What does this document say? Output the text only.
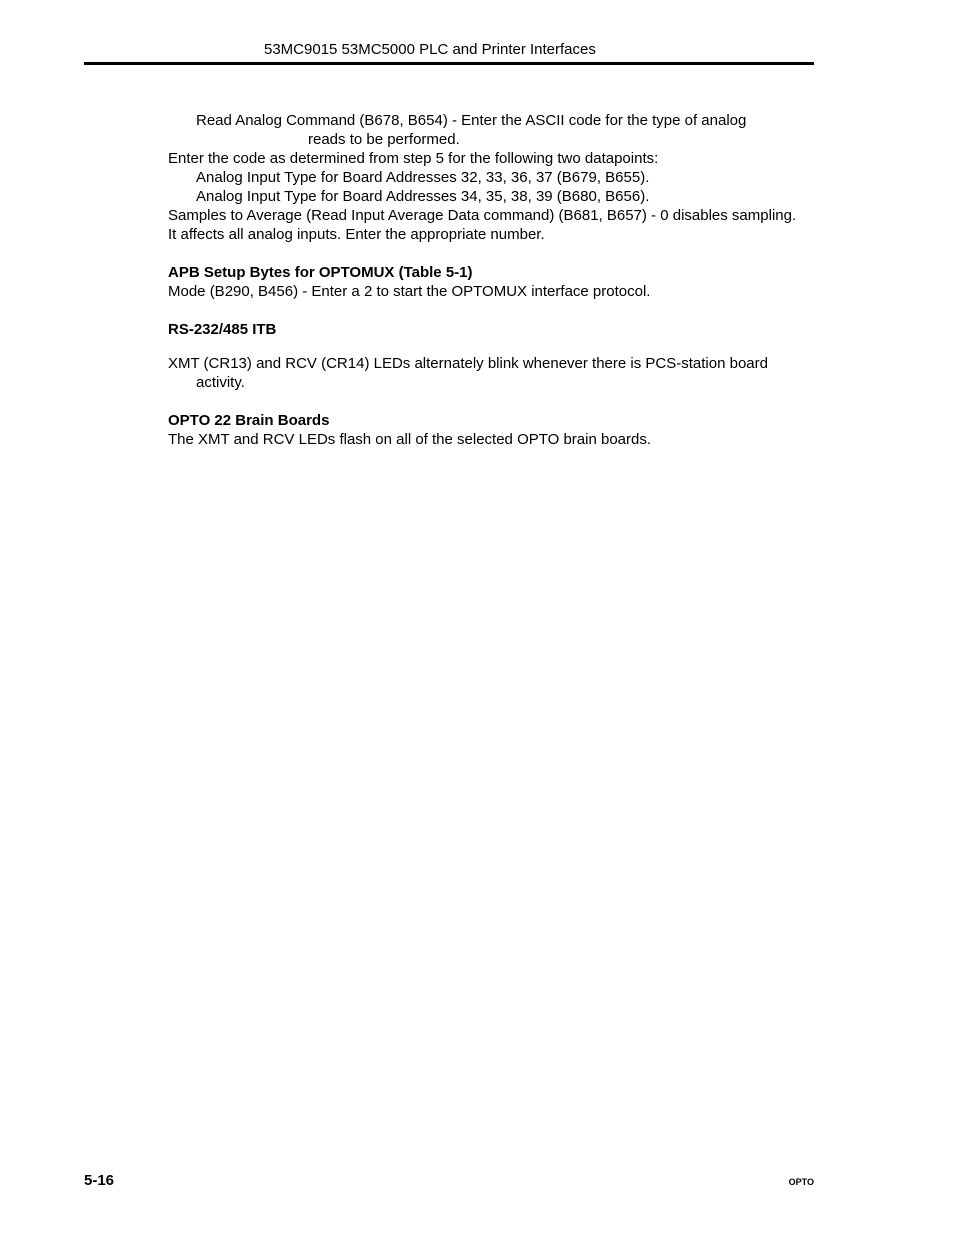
53MC9015 53MC5000 PLC and Printer Interfaces

Read Analog Command (B678, B654) - Enter the ASCII code for the type of analog

reads to be performed.

Enter the code as determined from step 5 for the following two datapoints:

Analog Input Type for Board Addresses 32, 33, 36, 37 (B679, B655).

Analog Input Type for Board Addresses 34, 35, 38, 39 (B680, B656).

Samples to Average (Read Input Average Data command) (B681, B657) - 0 disables sampling. It affects all analog inputs. Enter the appropriate number.

APB Setup Bytes for OPTOMUX (Table 5-1)

Mode (B290, B456) - Enter a 2 to start the OPTOMUX interface protocol.

RS-232/485 ITB

XMT (CR13) and RCV (CR14) LEDs alternately blink whenever there is PCS-station board activity.

OPTO 22 Brain Boards

The XMT and RCV LEDs flash on all of the selected OPTO brain boards.

5-16	OPTO
